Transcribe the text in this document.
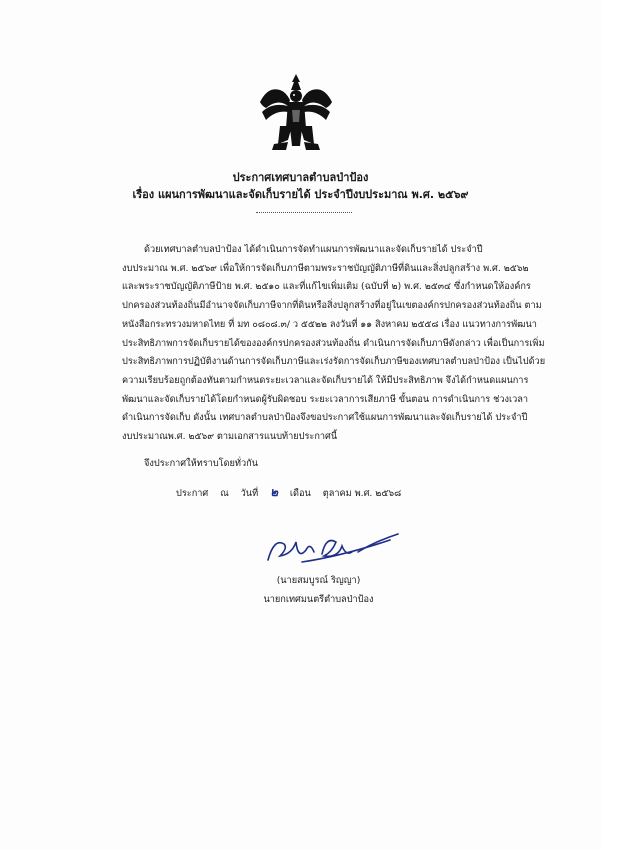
ประกาศเทศบาลตำบลป่าป้อง
เรื่อง แผนการพัฒนาและจัดเก็บรายได้ ประจำปีงบประมาณ พ.ศ. ๒๕๖๙
ด้วยเทศบาลตำบลป่าป้อง ได้ดำเนินการจัดทำแผนการพัฒนาและจัดเก็บรายได้ ประจำปี
งบประมาณ พ.ศ. ๒๕๖๙ เพื่อให้การจัดเก็บภาษีตามพระราชบัญญัติภาษีที่ดินและสิ่งปลูกสร้าง พ.ศ. ๒๕๖๒
และพระราชบัญญัติภาษีป้าย พ.ศ. ๒๕๑๐ และที่แก้ไขเพิ่มเติม (ฉบับที่ ๒) พ.ศ. ๒๕๓๔ ซึ่งกำหนดให้องค์กร
ปกครองส่วนท้องถิ่นมีอำนาจจัดเก็บภาษีจากที่ดินหรือสิ่งปลูกสร้างที่อยู่ในเขตองค์กรปกครองส่วนท้องถิ่น ตาม
หนังสือกระทรวงมหาดไทย ที่ มท ๐๘๐๘.๓/ ว ๕๕๒๒ ลงวันที่ ๑๑ สิงหาคม ๒๕๕๘ เรื่อง แนวทางการพัฒนา
ประสิทธิภาพการจัดเก็บรายได้ขององค์กรปกครองส่วนท้องถิ่น ดำเนินการจัดเก็บภาษีดังกล่าว เพื่อเป็นการเพิ่ม
ประสิทธิภาพการปฏิบัติงานด้านการจัดเก็บภาษีและเร่งรัดการจัดเก็บภาษีของเทศบาลตำบลป่าป้อง เป็นไปด้วย
ความเรียบร้อยถูกต้องทันตามกำหนดระยะเวลาและจัดเก็บรายได้ ให้มีประสิทธิภาพ จึงได้กำหนดแผนการ
พัฒนาและจัดเก็บรายได้โดยกำหนดผู้รับผิดชอบ ระยะเวลาการเสียภาษี ขั้นตอน การดำเนินการ ช่วงเวลา
ดำเนินการจัดเก็บ ดังนั้น เทศบาลตำบลป่าป้องจึงขอประกาศใช้แผนการพัฒนาและจัดเก็บรายได้ ประจำปี
งบประมาณพ.ศ. ๒๕๖๙ ตามเอกสารแนบท้ายประกาศนี้
จึงประกาศให้ทราบโดยทั่วกัน
ประกาศ ณ วันที่ ๒ เดือน ตุลาคม พ.ศ. ๒๕๖๘
(นายสมบูรณ์ ริญญา)
นายกเทศมนตรีตำบลป่าป้อง
